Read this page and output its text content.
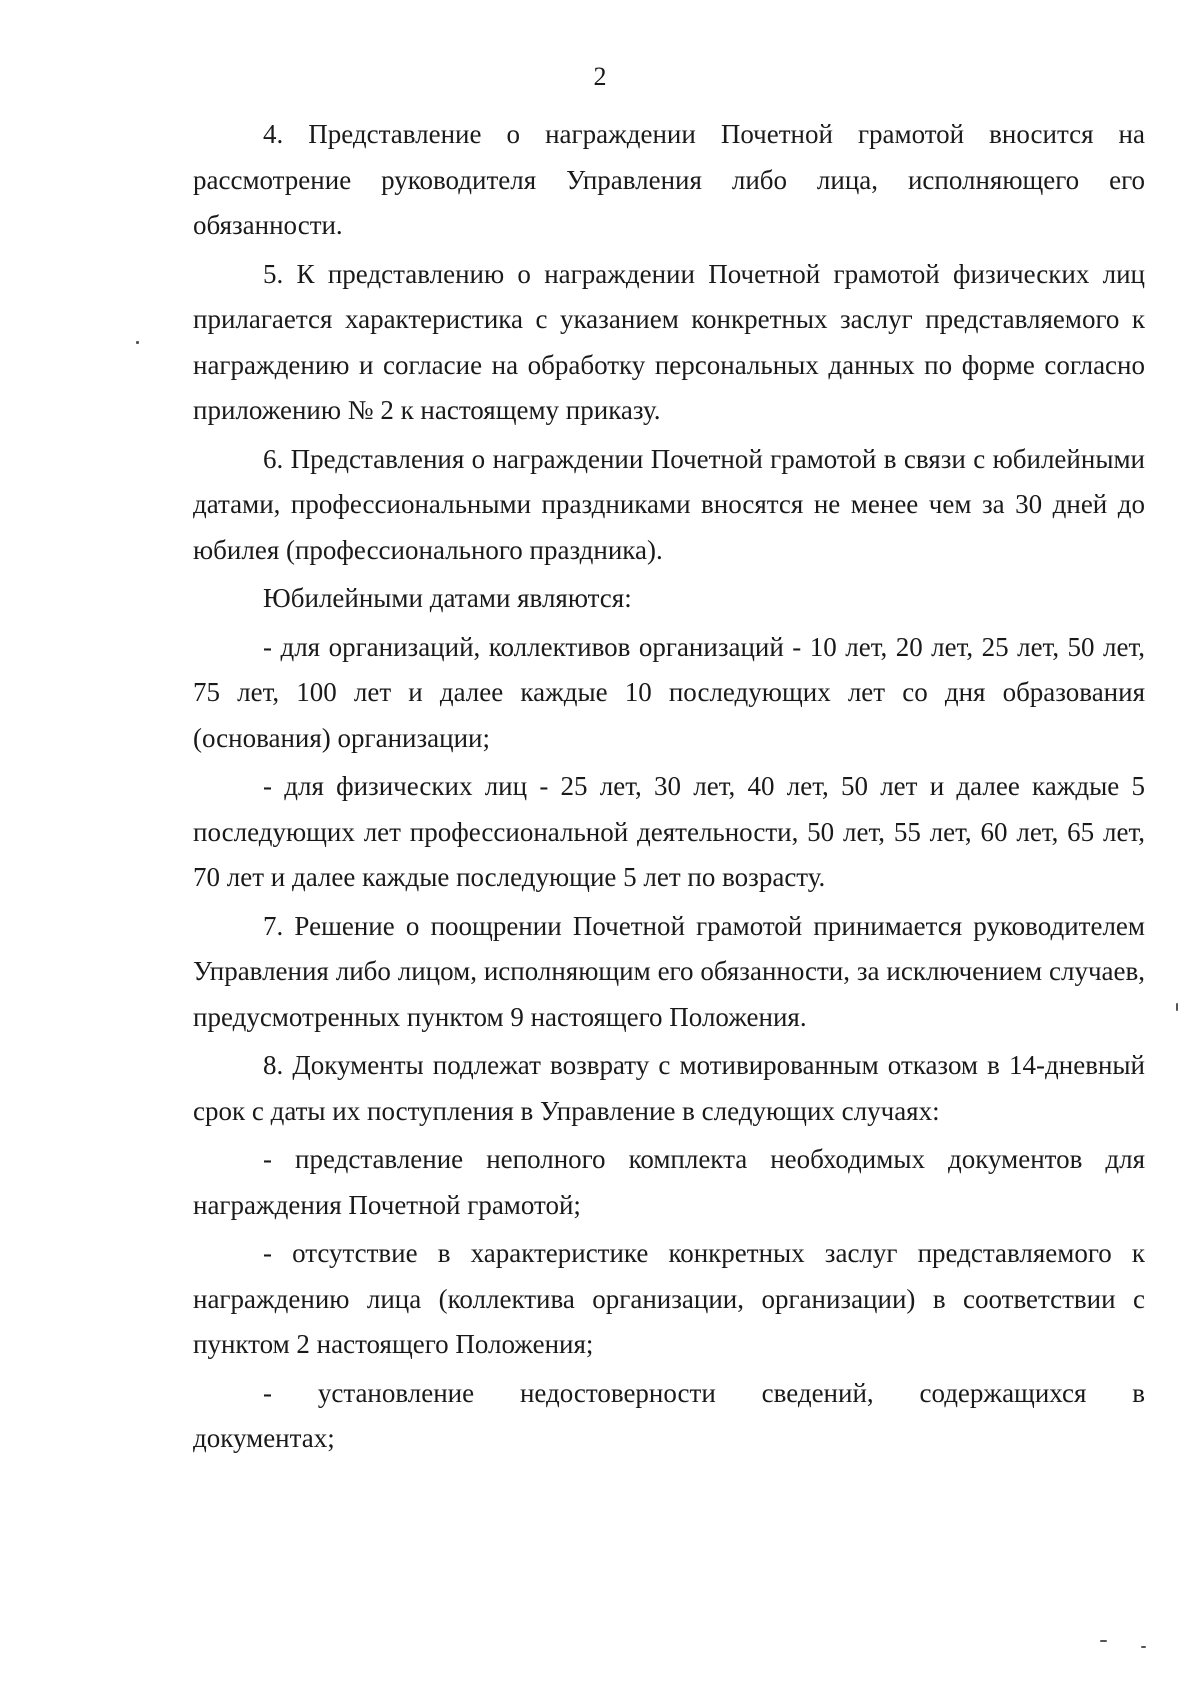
2

4. Представление о награждении Почетной грамотой вносится на рассмотрение руководителя Управления либо лица, исполняющего его обязанности.

5. К представлению о награждении Почетной грамотой физических лиц прилагается характеристика с указанием конкретных заслуг представляемого к награждению и согласие на обработку персональных данных по форме согласно приложению № 2 к настоящему приказу.

6. Представления о награждении Почетной грамотой в связи с юбилейными датами, профессиональными праздниками вносятся не менее чем за 30 дней до юбилея (профессионального праздника).

Юбилейными датами являются:

- для организаций, коллективов организаций - 10 лет, 20 лет, 25 лет, 50 лет, 75 лет, 100 лет и далее каждые 10 последующих лет со дня образования (основания) организации;

- для физических лиц - 25 лет, 30 лет, 40 лет, 50 лет и далее каждые 5 последующих лет профессиональной деятельности, 50 лет, 55 лет, 60 лет, 65 лет, 70 лет и далее каждые последующие 5 лет по возрасту.

7. Решение о поощрении Почетной грамотой принимается руководителем Управления либо лицом, исполняющим его обязанности, за исключением случаев, предусмотренных пунктом 9 настоящего Положения.

8. Документы подлежат возврату с мотивированным отказом в 14-дневный срок с даты их поступления в Управление в следующих случаях:

- представление неполного комплекта необходимых документов для награждения Почетной грамотой;

- отсутствие в характеристике конкретных заслуг представляемого к награждению лица (коллектива организации, организации) в соответствии с пунктом 2 настоящего Положения;

- установление недостоверности сведений, содержащихся в

документах;
